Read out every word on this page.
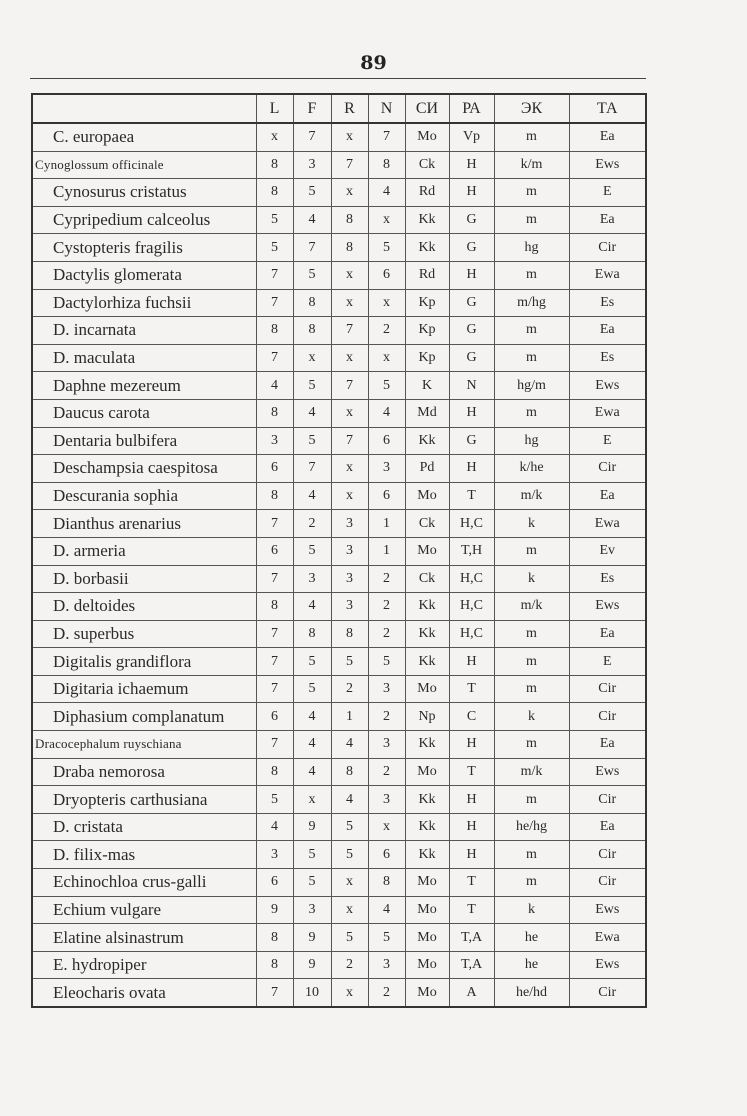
89
	L	F	R	N	СИ	РА	ЭК	ТА
C. europaea	x	7	x	7	Mo	Vp	m	Ea
Cynoglossum officinale	8	3	7	8	Ck	H	k/m	Ews
Cynosurus cristatus	8	5	x	4	Rd	H	m	E
Cypripedium calceolus	5	4	8	x	Kk	G	m	Ea
Cystopteris fragilis	5	7	8	5	Kk	G	hg	Cir
Dactylis glomerata	7	5	x	6	Rd	H	m	Ewa
Dactylorhiza fuchsii	7	8	x	x	Kp	G	m/hg	Es
D. incarnata	8	8	7	2	Kp	G	m	Ea
D. maculata	7	x	x	x	Kp	G	m	Es
Daphne mezereum	4	5	7	5	K	N	hg/m	Ews
Daucus carota	8	4	x	4	Md	H	m	Ewa
Dentaria bulbifera	3	5	7	6	Kk	G	hg	E
Deschampsia caespitosa	6	7	x	3	Pd	H	k/he	Cir
Descurania sophia	8	4	x	6	Mo	T	m/k	Ea
Dianthus arenarius	7	2	3	1	Ck	H,C	k	Ewa
D. armeria	6	5	3	1	Mo	T,H	m	Ev
D. borbasii	7	3	3	2	Ck	H,C	k	Es
D. deltoides	8	4	3	2	Kk	H,C	m/k	Ews
D. superbus	7	8	8	2	Kk	H,C	m	Ea
Digitalis grandiflora	7	5	5	5	Kk	H	m	E
Digitaria ichaemum	7	5	2	3	Mo	T	m	Cir
Diphasium complanatum	6	4	1	2	Np	C	k	Cir
Dracocephalum ruyschiana	7	4	4	3	Kk	H	m	Ea
Draba nemorosa	8	4	8	2	Mo	T	m/k	Ews
Dryopteris carthusiana	5	x	4	3	Kk	H	m	Cir
D. cristata	4	9	5	x	Kk	H	he/hg	Ea
D. filix-mas	3	5	5	6	Kk	H	m	Cir
Echinochloa crus-galli	6	5	x	8	Mo	T	m	Cir
Echium vulgare	9	3	x	4	Mo	T	k	Ews
Elatine alsinastrum	8	9	5	5	Mo	T,A	he	Ewa
E. hydropiper	8	9	2	3	Mo	T,A	he	Ews
Eleocharis ovata	7	10	x	2	Mo	A	he/hd	Cir
